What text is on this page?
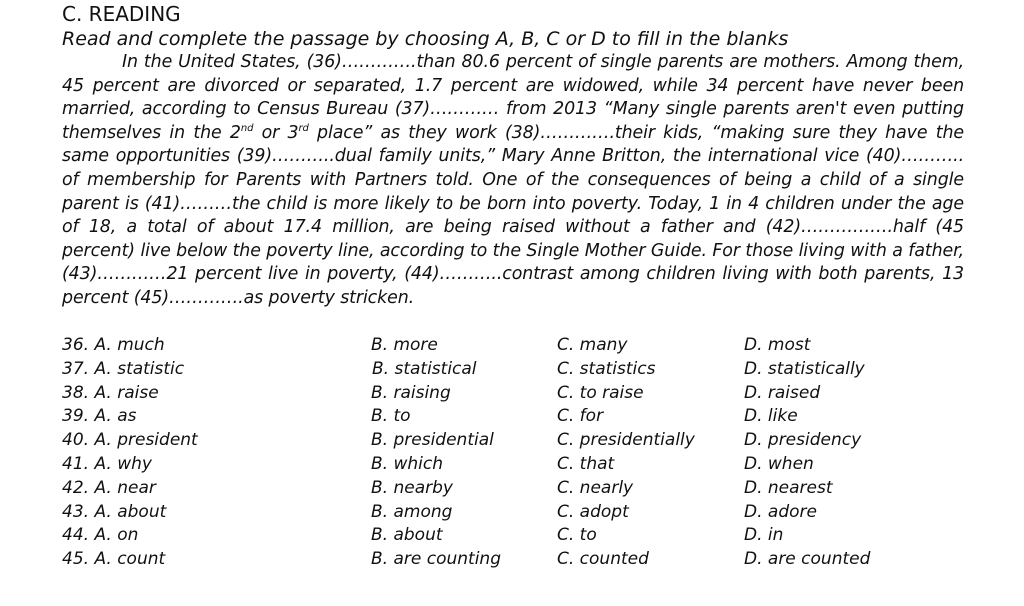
C. READING
Read and complete the passage by choosing A, B, C or D to fill in the blanks

In the United States, (36)………….than 80.6 percent of single parents are mothers. Among them, 45 percent are divorced or separated, 1.7 percent are widowed, while 34 percent have never been married, according to Census Bureau (37)………… from 2013 “Many single parents aren't even putting themselves in the 2nd or 3rd place” as they work (38)………….their kids, “making sure they have the same opportunities (39)………..dual family units,” Mary Anne Britton, the international vice (40)……….. of membership for Parents with Partners told. One of the consequences of being a child of a single parent is (41)………the child is more likely to be born into poverty. Today, 1 in 4 children under the age of 18, a total of about 17.4 million, are being raised without a father and (42)…………….half (45 percent) live below the poverty line, according to the Single Mother Guide. For those living with a father, (43)…………21 percent live in poverty, (44)………..contrast among children living with both parents, 13 percent (45)………….as poverty stricken.

36. A. much	B. more	C. many	D. most
37. A. statistic	B. statistical	C. statistics	D. statistically
38. A. raise	B. raising	C. to raise	D. raised
39. A. as	B. to	C. for	D. like
40. A. president	B. presidential	C. presidentially	D. presidency
41. A. why	B. which	C. that	D. when
42. A. near	B. nearby	C. nearly	D. nearest
43. A. about	B. among	C. adopt	D. adore
44. A. on	B. about	C. to	D. in
45. A. count	B. are counting	C. counted	D. are counted
